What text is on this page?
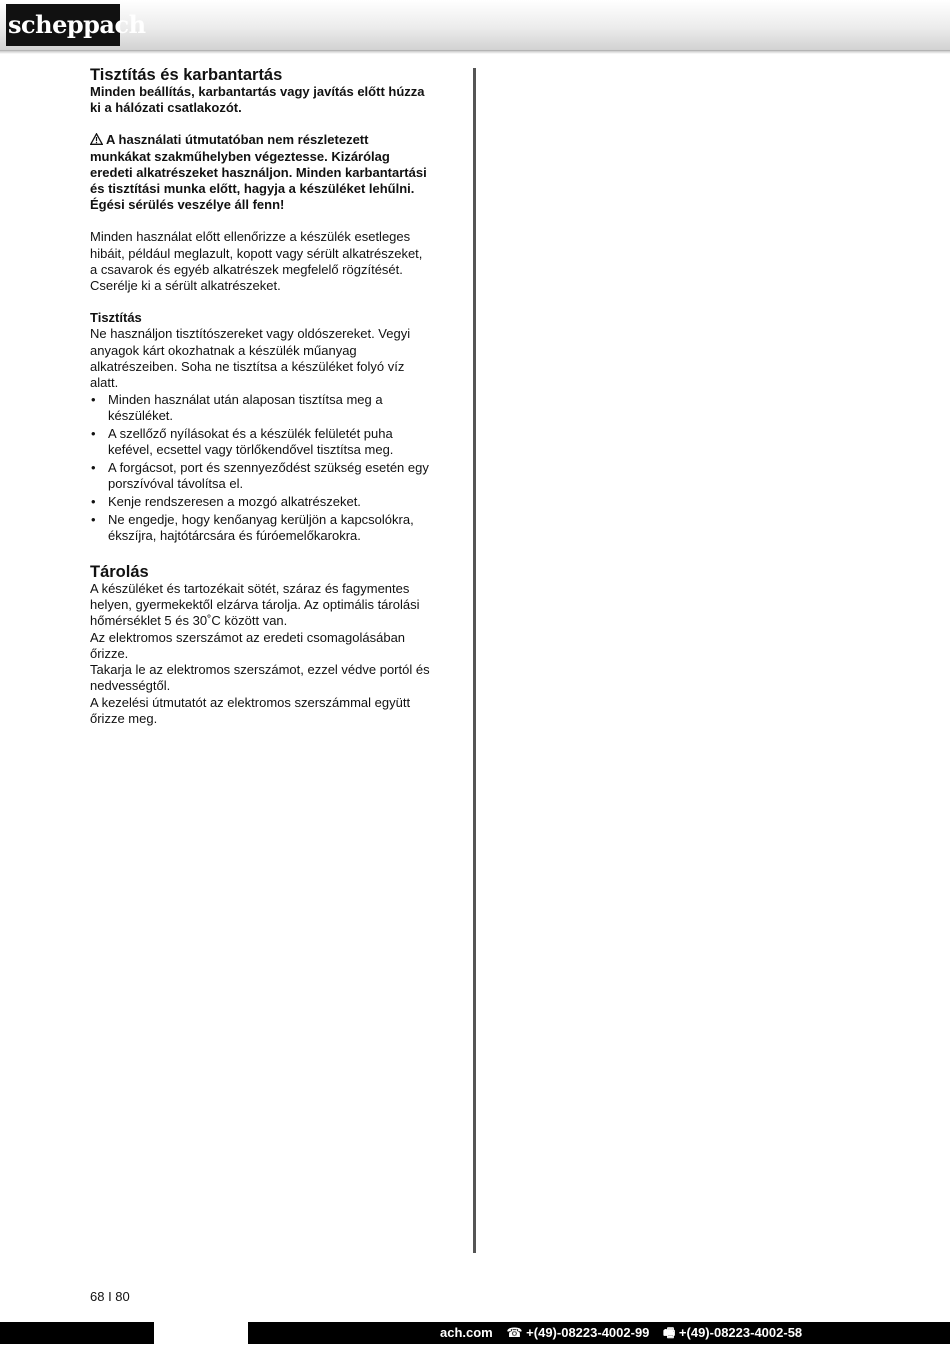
scheppach
Tisztítás és karbantartás

Minden beállítás, karbantartás vagy javítás előtt húzza ki a hálózati csatlakozót.

A használati útmutatóban nem részletezett munkákat szakműhelyben végeztesse. Kizárólag eredeti alkatrészeket használjon. Minden karbantartási és tisztítási munka előtt, hagyja a készüléket lehűlni. Égési sérülés veszélye áll fenn!

Minden használat előtt ellenőrizze a készülék esetleges hibáit, például meglazult, kopott vagy sérült alkatrészeket, a csavarok és egyéb alkatrészek megfelelő rögzítését. Cserélje ki a sérült alkatrészeket.

Tisztítás

Ne használjon tisztítószereket vagy oldószereket. Vegyi anyagok kárt okozhatnak a készülék műanyag alkatrészeiben. Soha ne tisztítsa a készüléket folyó víz alatt.

• Minden használat után alaposan tisztítsa meg a készüléket.
• A szellőző nyílásokat és a készülék felületét puha kefével, ecsettel vagy törlőkendővel tisztítsa meg.
• A forgácsot, port és szennyeződést szükség esetén egy porszívóval távolítsa el.
• Kenje rendszeresen a mozgó alkatrészeket.
• Ne engedje, hogy kenőanyag kerüljön a kapcsolókra, ékszíjra, hajtótárcsára és fúróemelőkarokra.
Tárolás

A készüléket és tartozékait sötét, száraz és fagymentes helyen, gyermekektől elzárva tárolja. Az optimális tárolási hőmérséklet 5 és 30˚C között van.

Az elektromos szerszámot az eredeti csomagolásában őrizze.

Takarja le az elektromos szerszámot, ezzel védve portól és nedvességtől.

A kezelési útmutatót az elektromos szerszámmal együtt őrizze meg.

68 I 80
ach.com ☎ +(49)-08223-4002-99 🖷 +(49)-08223-4002-58
